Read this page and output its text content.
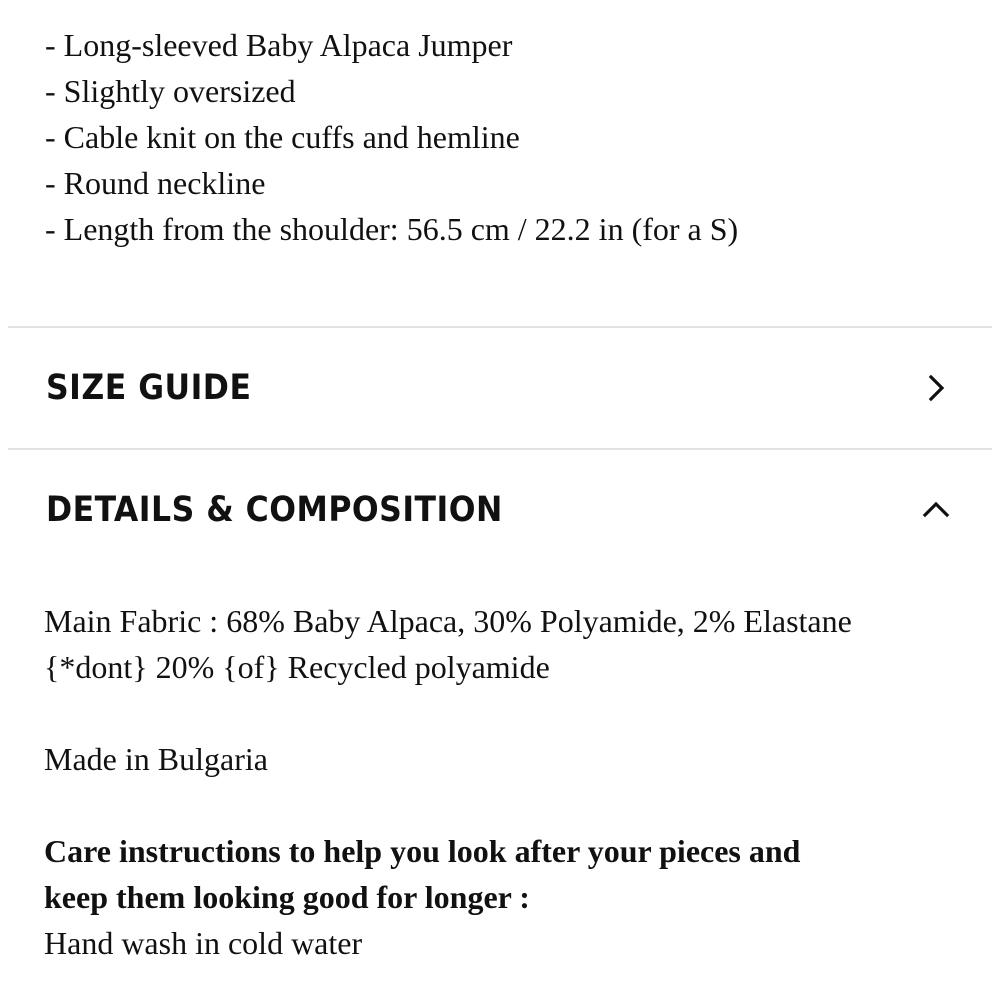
- Long-sleeved Baby Alpaca Jumper
- Slightly oversized
- Cable knit on the cuffs and hemline
- Round neckline
- Length from the shoulder: 56.5 cm / 22.2 in (for a S)
SIZE GUIDE
DETAILS & COMPOSITION

Main Fabric : 68% Baby Alpaca, 30% Polyamide, 2% Elastane

{*dont} 20% {of} Recycled polyamide

Made in Bulgaria

Care instructions to help you look after your pieces and

keep them looking good for longer :

Hand wash in cold water
